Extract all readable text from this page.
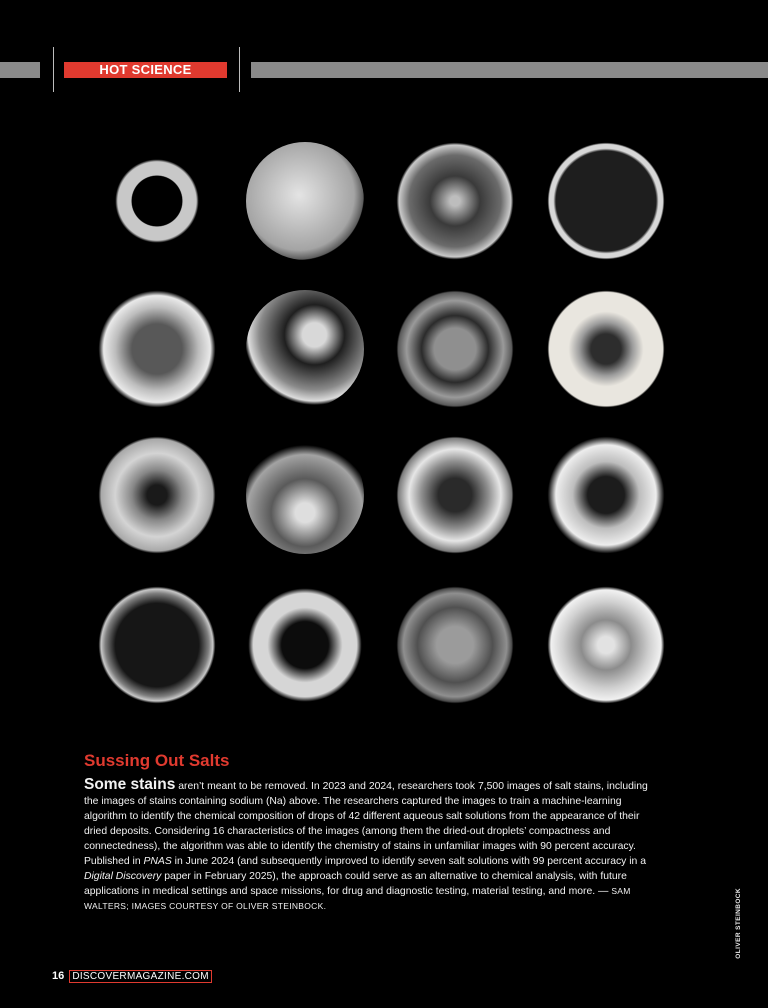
HOT SCIENCE
Sussing Out Salts

Some stains aren’t meant to be removed. In 2023 and 2024, researchers took 7,500 images of salt stains, including the images of stains containing sodium (Na) above. The researchers captured the images to train a machine-learning algorithm to identify the chemical composition of drops of 42 different aqueous salt solutions from the appearance of their dried deposits. Considering 16 characteristics of the images (among them the dried-out droplets’ compactness and connectedness), the algorithm was able to identify the chemistry of stains in unfamiliar images with 90 percent accuracy. Published in PNAS in June 2024 (and subsequently improved to identify seven salt solutions with 99 percent accuracy in a Digital Discovery paper in February 2025), the approach could serve as an alternative to chemical analysis, with future applications in medical settings and space missions, for drug and diagnostic testing, material testing, and more. — SAM WALTERS; IMAGES COURTESY OF OLIVER STEINBOCK.	OLIVER STEINBOCK
16 DISCOVERMAGAZINE.COM
